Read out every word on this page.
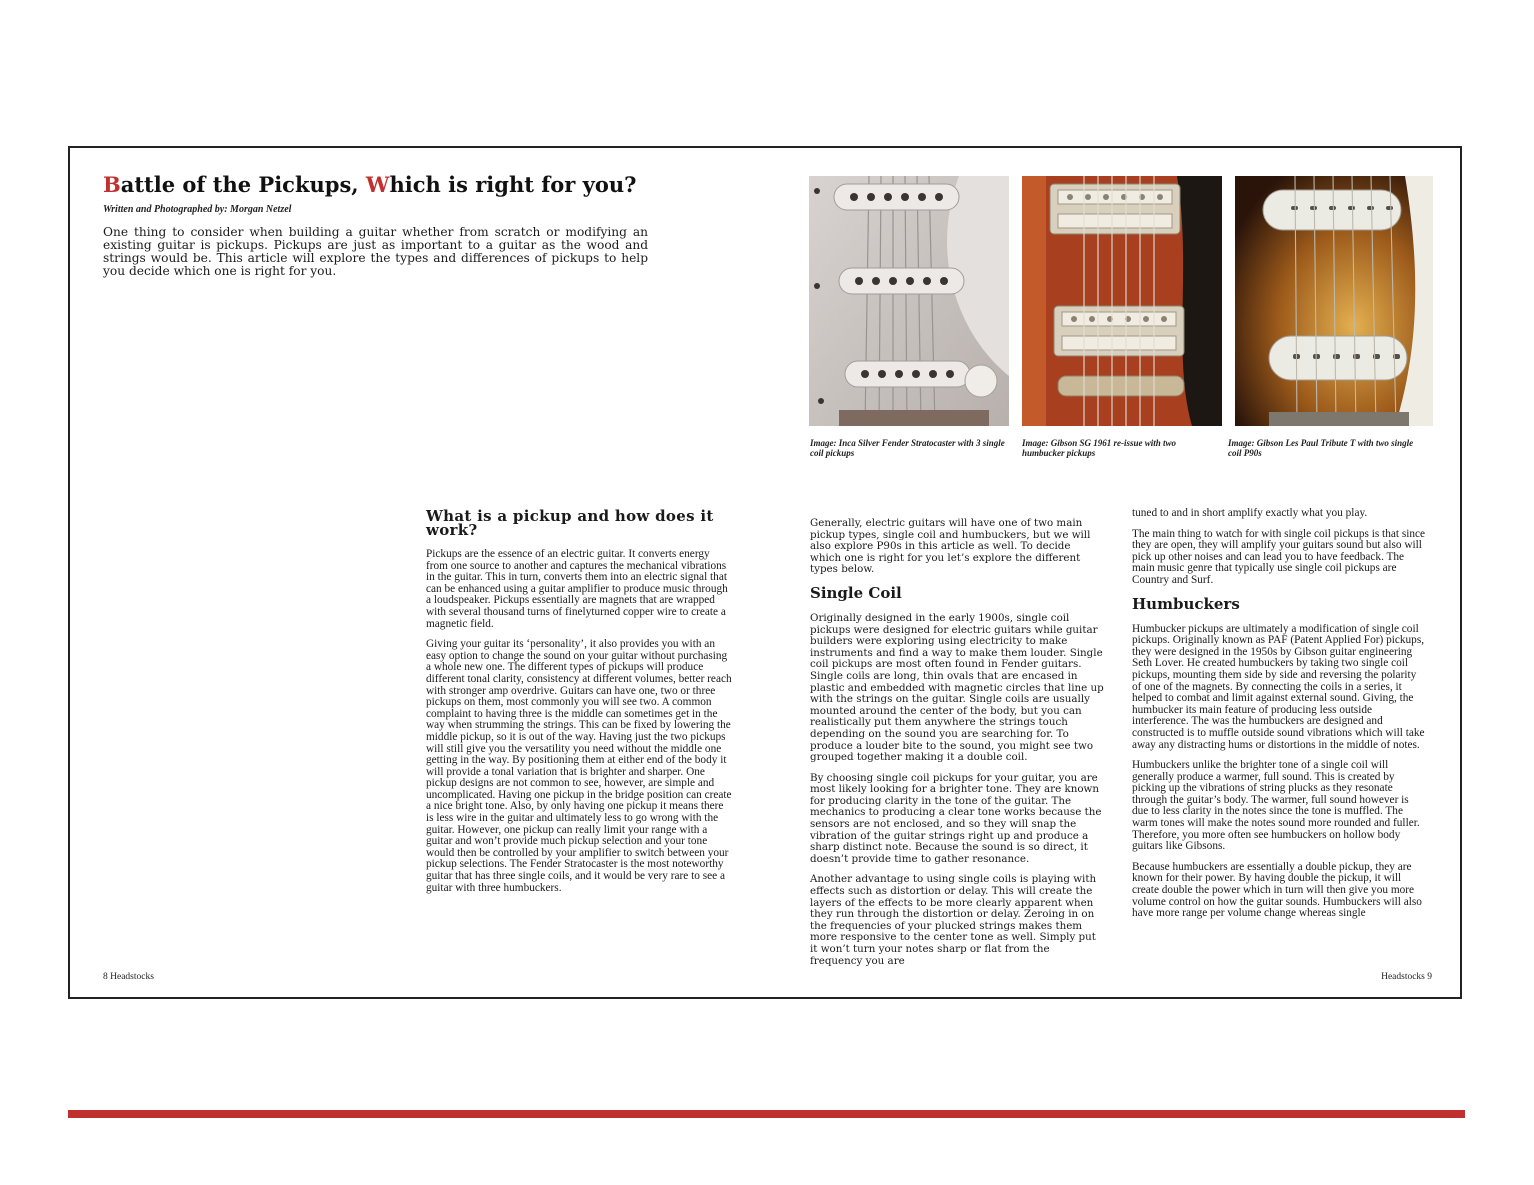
Battle of the Pickups, Which is right for you?
Written and Photographed by: Morgan Netzel

One thing to consider when building a guitar whether from scratch or modifying an existing guitar is pickups. Pickups are just as important to a guitar as the wood and strings would be. This article will explore the types and differences of pickups to help you decide which one is right for you.

Image: Inca Silver Fender Stratocaster with 3 single coil pickups
Image: Gibson SG 1961 re-issue with two humbucker pickups
Image: Gibson Les Paul Tribute T with two single coil P90s
What is a pickup and how does it work?

Pickups are the essence of an electric guitar. It converts energy from one source to another and captures the mechanical vibrations in the guitar. This in turn, converts them into an electric signal that can be enhanced using a guitar amplifier to produce music through a loudspeaker. Pickups essentially are magnets that are wrapped with several thousand turns of finelyturned copper wire to create a magnetic field.

Giving your guitar its ‘personality’, it also provides you with an easy option to change the sound on your guitar without purchasing a whole new one. The different types of pickups will produce different tonal clarity, consistency at different volumes, better reach with stronger amp overdrive. Guitars can have one, two or three pickups on them, most commonly you will see two. A common complaint to having three is the middle can sometimes get in the way when strumming the strings. This can be fixed by lowering the middle pickup, so it is out of the way. Having just the two pickups will still give you the versatility you need without the middle one getting in the way. By positioning them at either end of the body it will provide a tonal variation that is brighter and sharper. One pickup designs are not common to see, however, are simple and uncomplicated. Having one pickup in the bridge position can create a nice bright tone. Also, by only having one pickup it means there is less wire in the guitar and ultimately less to go wrong with the guitar. However, one pickup can really limit your range with a guitar and won’t provide much pickup selection and your tone would then be controlled by your amplifier to switch between your pickup selections. The Fender Stratocaster is the most noteworthy guitar that has three single coils, and it would be very rare to see a guitar with three humbuckers.

Generally, electric guitars will have one of two main pickup types, single coil and humbuckers, but we will also explore P90s in this article as well. To decide which one is right for you let’s explore the different types below.

Single Coil

Originally designed in the early 1900s, single coil pickups were designed for electric guitars while guitar builders were exploring using electricity to make instruments and find a way to make them louder. Single coil pickups are most often found in Fender guitars. Single coils are long, thin ovals that are encased in plastic and embedded with magnetic circles that line up with the strings on the guitar. Single coils are usually mounted around the center of the body, but you can realistically put them anywhere the strings touch depending on the sound you are searching for. To produce a louder bite to the sound, you might see two grouped together making it a double coil.

By choosing single coil pickups for your guitar, you are most likely looking for a brighter tone. They are known for producing clarity in the tone of the guitar. The mechanics to producing a clear tone works because the sensors are not enclosed, and so they will snap the vibration of the guitar strings right up and produce a sharp distinct note. Because the sound is so direct, it doesn’t provide time to gather resonance.

Another advantage to using single coils is playing with effects such as distortion or delay. This will create the layers of the effects to be more clearly apparent when they run through the distortion or delay. Zeroing in on the frequencies of your plucked strings makes them more responsive to the center tone as well. Simply put it won’t turn your notes sharp or flat from the frequency you are

tuned to and in short amplify exactly what you play.

The main thing to watch for with single coil pickups is that since they are open, they will amplify your guitars sound but also will pick up other noises and can lead you to have feedback. The main music genre that typically use single coil pickups are Country and Surf.

Humbuckers

Humbucker pickups are ultimately a modification of single coil pickups. Originally known as PAF (Patent Applied For) pickups, they were designed in the 1950s by Gibson guitar engineering Seth Lover. He created humbuckers by taking two single coil pickups, mounting them side by side and reversing the polarity of one of the magnets. By connecting the coils in a series, it helped to combat and limit against external sound. Giving, the humbucker its main feature of producing less outside interference. The was the humbuckers are designed and constructed is to muffle outside sound vibrations which will take away any distracting hums or distortions in the middle of notes.

Humbuckers unlike the brighter tone of a single coil will generally produce a warmer, full sound. This is created by picking up the vibrations of string plucks as they resonate through the guitar’s body. The warmer, full sound however is due to less clarity in the notes since the tone is muffled. The warm tones will make the notes sound more rounded and fuller. Therefore, you more often see humbuckers on hollow body guitars like Gibsons.

Because humbuckers are essentially a double pickup, they are known for their power. By having double the pickup, it will create double the power which in turn will then give you more volume control on how the guitar sounds. Humbuckers will also have more range per volume change whereas single

8 Headstocks	Headstocks 9
